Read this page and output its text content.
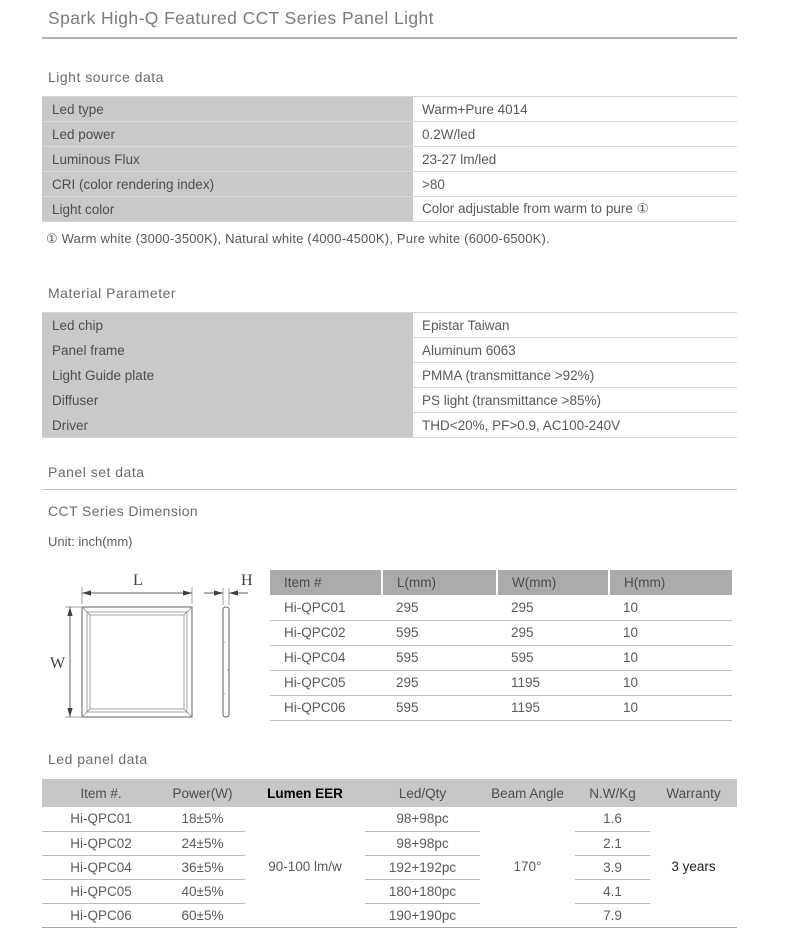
Spark High-Q Featured CCT Series Panel Light
Light source data
Led type	Warm+Pure 4014
Led power	0.2W/led
Luminous Flux	23-27 lm/led
CRI (color rendering index)	>80
Light color	Color adjustable from warm to pure ①

① Warm white (3000-3500K), Natural white (4000-4500K), Pure white (6000-6500K).

Material Parameter
Led chip	Epistar Taiwan
Panel frame	Aluminum 6063
Light Guide plate	PMMA (transmittance >92%)
Diffuser	PS light (transmittance >85%)
Driver	THD<20%, PF>0.9, AC100-240V
Panel set data
CCT Series Dimension

Unit: inch(mm)

L
W
H Item #	L(mm)	W(mm)	H(mm)
Hi-QPC01	295	295	10
Hi-QPC02	595	295	10
Hi-QPC04	595	595	10
Hi-QPC05	295	1195	10
Hi-QPC06	595	1195	10
Led panel data
Item #.	Power(W)	Lumen EER	Led/Qty	Beam Angle	N.W/Kg	Warranty
Hi-QPC01	18±5%	90-100 lm/w	98+98pc	170°	1.6	3 years
Hi-QPC02	24±5%		98+98pc		2.1	
Hi-QPC04	36±5%		192+192pc		3.9	
Hi-QPC05	40±5%		180+180pc		4.1	
Hi-QPC06	60±5%		190+190pc		7.9	
